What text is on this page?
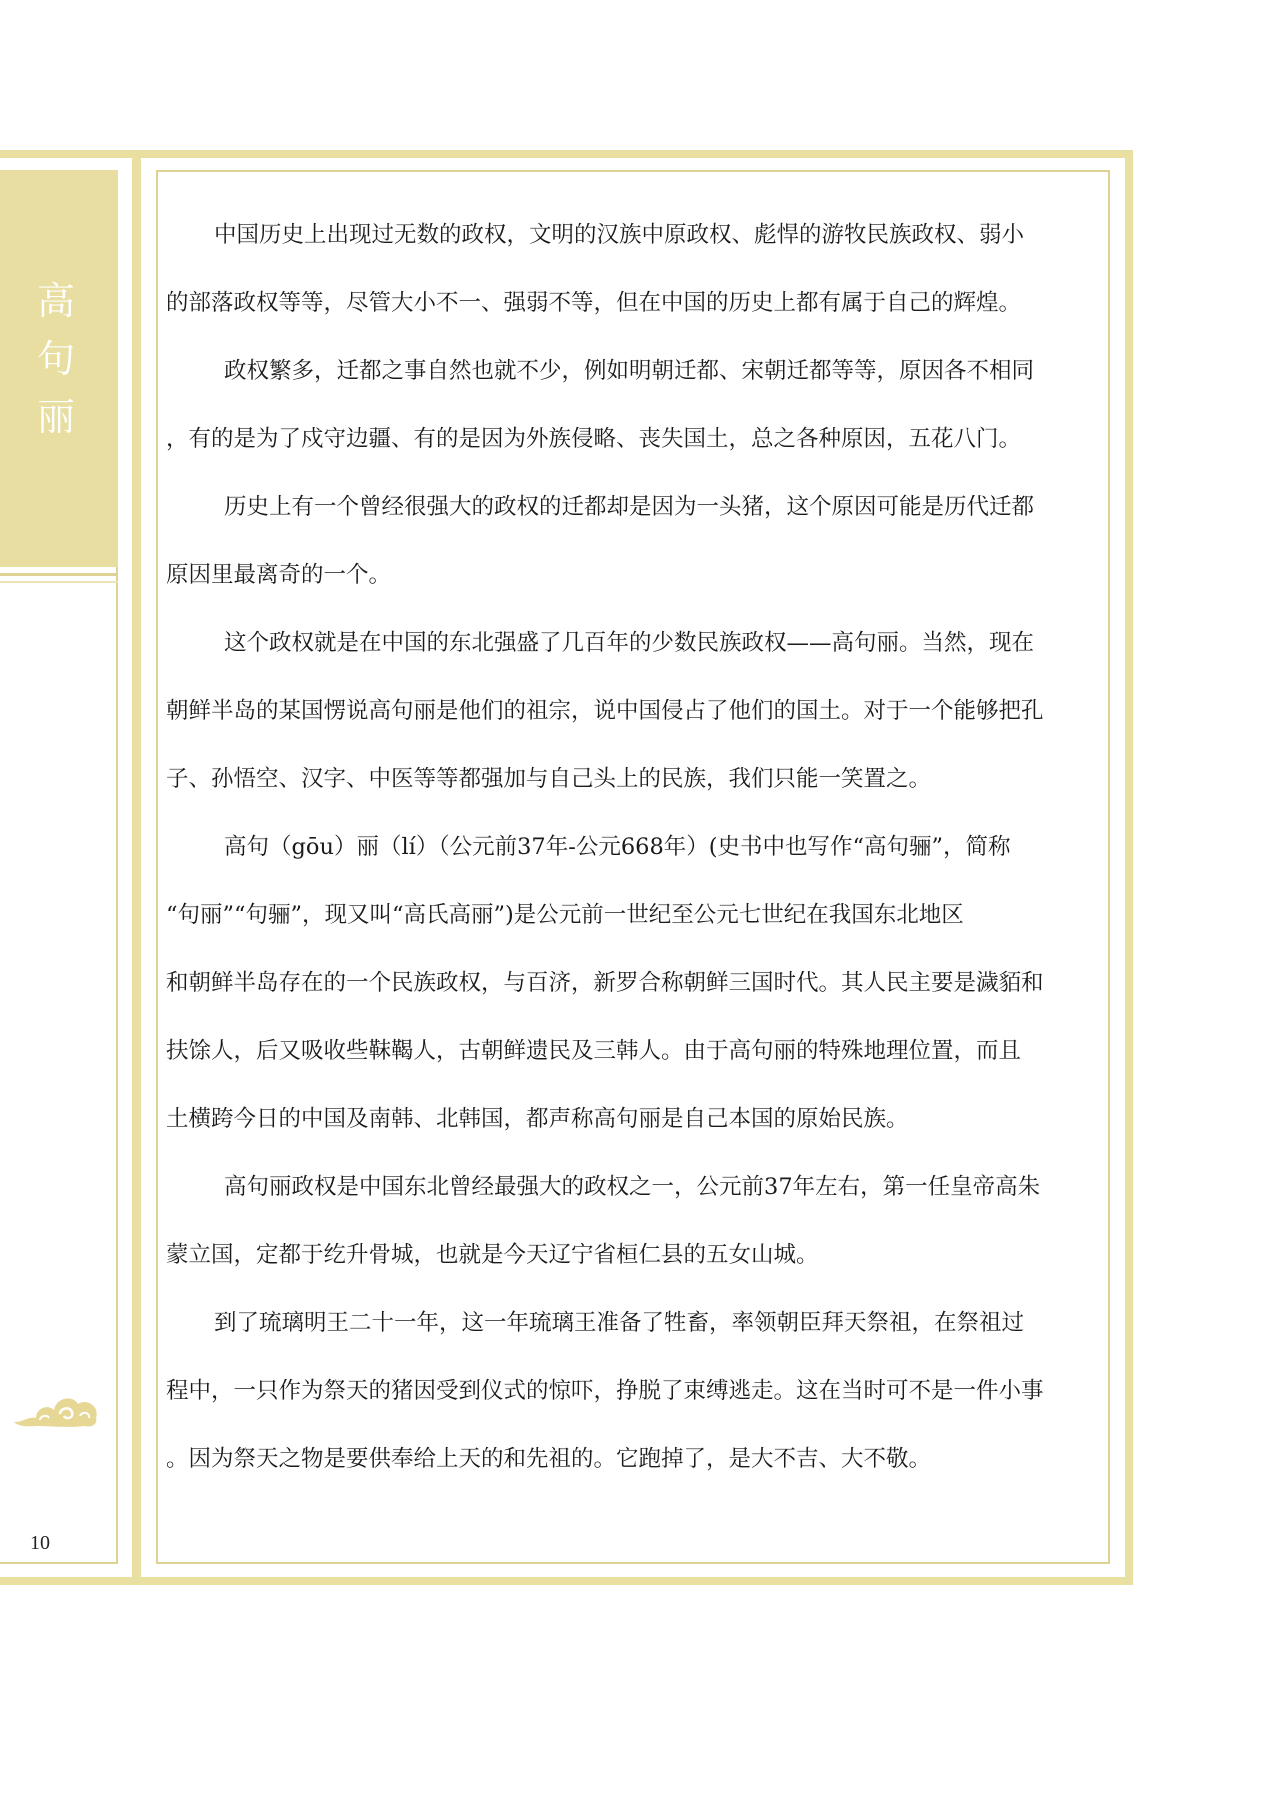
高
句
丽
10
中国历史上出现过无数的政权，文明的汉族中原政权、彪悍的游牧民族政权、弱小
的部落政权等等，尽管大小不一、强弱不等，但在中国的历史上都有属于自己的辉煌。
政权繁多，迁都之事自然也就不少，例如明朝迁都、宋朝迁都等等，原因各不相同
，有的是为了戍守边疆、有的是因为外族侵略、丧失国土，总之各种原因，五花八门。
历史上有一个曾经很强大的政权的迁都却是因为一头猪，这个原因可能是历代迁都
原因里最离奇的一个。
这个政权就是在中国的东北强盛了几百年的少数民族政权——高句丽。当然，现在
朝鲜半岛的某国愣说高句丽是他们的祖宗，说中国侵占了他们的国土。对于一个能够把孔
子、孙悟空、汉字、中医等等都强加与自己头上的民族，我们只能一笑置之。
高句（gōu）丽（lí）（公元前37年-公元668年）(史书中也写作“高句骊”，简称
“句丽”“句骊”，现又叫“高氏高丽”)是公元前一世纪至公元七世纪在我国东北地区
和朝鲜半岛存在的一个民族政权，与百济，新罗合称朝鲜三国时代。其人民主要是濊貊和
扶馀人，后又吸收些靺鞨人，古朝鲜遗民及三韩人。由于高句丽的特殊地理位置，而且
土横跨今日的中国及南韩、北韩国，都声称高句丽是自己本国的原始民族。
高句丽政权是中国东北曾经最强大的政权之一，公元前37年左右，第一任皇帝高朱
蒙立国，定都于纥升骨城，也就是今天辽宁省桓仁县的五女山城。
到了琉璃明王二十一年，这一年琉璃王准备了牲畜，率领朝臣拜天祭祖，在祭祖过
程中，一只作为祭天的猪因受到仪式的惊吓，挣脱了束缚逃走。这在当时可不是一件小事
。因为祭天之物是要供奉给上天的和先祖的。它跑掉了，是大不吉、大不敬。
